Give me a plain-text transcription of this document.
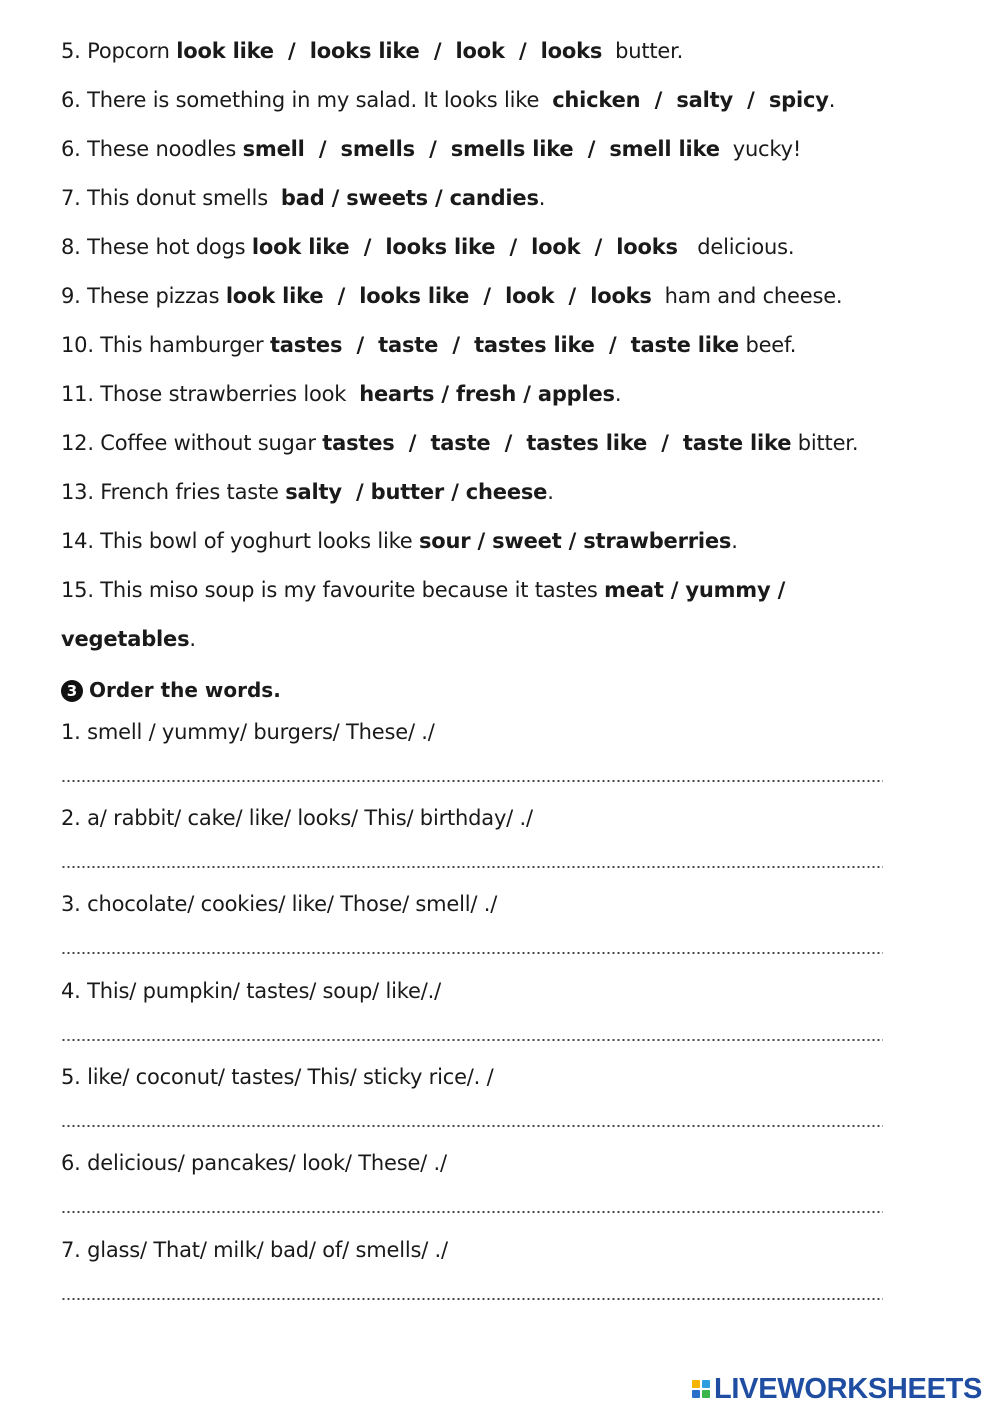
5. Popcorn look like  /  looks like  /  look  /  looks  butter.
6. There is something in my salad. It looks like  chicken  /  salty  /  spicy.
6. These noodles smell  /  smells  /  smells like  /  smell like  yucky!
7. This donut smells  bad / sweets / candies.
8. These hot dogs look like  /  looks like  /  look  /  looks   delicious.
9. These pizzas look like  /  looks like  /  look  /  looks  ham and cheese.
10. This hamburger tastes  /  taste  /  tastes like  /  taste like beef.
11. Those strawberries look  hearts / fresh / apples.
12. Coffee without sugar tastes  /  taste  /  tastes like  /  taste like bitter.
13. French fries taste salty  / butter / cheese.
14. This bowl of yoghurt looks like sour / sweet / strawberries.
15. This miso soup is my favourite because it tastes meat / yummy /
vegetables.
3 Order the words.
1. smell / yummy/ burgers/ These/ ./
2. a/ rabbit/ cake/ like/ looks/ This/ birthday/ ./
3. chocolate/ cookies/ like/ Those/ smell/ ./
4. This/ pumpkin/ tastes/ soup/ like/./
5. like/ coconut/ tastes/ This/ sticky rice/. /
6. delicious/ pancakes/ look/ These/ ./
7. glass/ That/ milk/ bad/ of/ smells/ ./
LIVEWORKSHEETS
